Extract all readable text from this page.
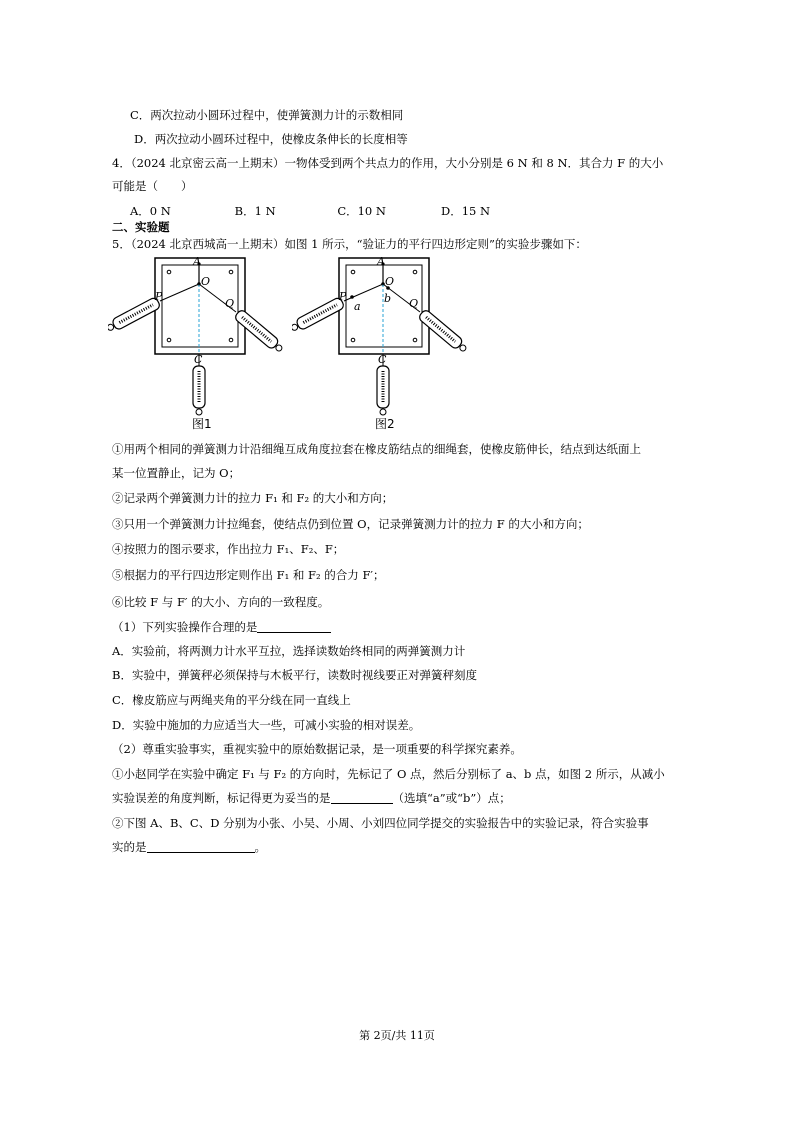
C．两次拉动小圆环过程中，使弹簧测力计的示数相同
D．两次拉动小圆环过程中，使橡皮条伸长的长度相等
4．（2024 北京密云高一上期末）一物体受到两个共点力的作用，大小分别是 6 N 和 8 N．其合力 F 的大小
可能是（　　）
A．0 N	B．1 N	C．10 N	D．15 N
二、实验题
5．（2024 北京西城高一上期末）如图 1 所示，“验证力的平行四边形定则”的实验步骤如下：
A
O
P
Q
C
图1
A
O
P
Q
a
b
C
图2
①用两个相同的弹簧测力计沿细绳互成角度拉套在橡皮筋结点的细绳套，使橡皮筋伸长，结点到达纸面上
某一位置静止，记为 O；
②记录两个弹簧测力计的拉力 F₁ 和 F₂ 的大小和方向；
③只用一个弹簧测力计拉绳套，使结点仍到位置 O，记录弹簧测力计的拉力 F 的大小和方向；
④按照力的图示要求，作出拉力 F₁、F₂、F；
⑤根据力的平行四边形定则作出 F₁ 和 F₂ 的合力 F′；
⑥比较 F 与 F′ 的大小、方向的一致程度。
（1）下列实验操作合理的是
A．实验前，将两测力计水平互拉，选择读数始终相同的两弹簧测力计
B．实验中，弹簧秤必须保持与木板平行，读数时视线要正对弹簧秤刻度
C．橡皮筋应与两绳夹角的平分线在同一直线上
D．实验中施加的力应适当大一些，可减小实验的相对误差。
（2）尊重实验事实，重视实验中的原始数据记录，是一项重要的科学探究素养。
①小赵同学在实验中确定 F₁ 与 F₂ 的方向时，先标记了 O 点，然后分别标了 a、b 点，如图 2 所示，从减小
实验误差的角度判断，标记得更为妥当的是	（选填“a”或“b”）点；
②下图 A、B、C、D 分别为小张、小吴、小周、小刘四位同学提交的实验报告中的实验记录，符合实验事
实的是	。
第 2页/共 11页
